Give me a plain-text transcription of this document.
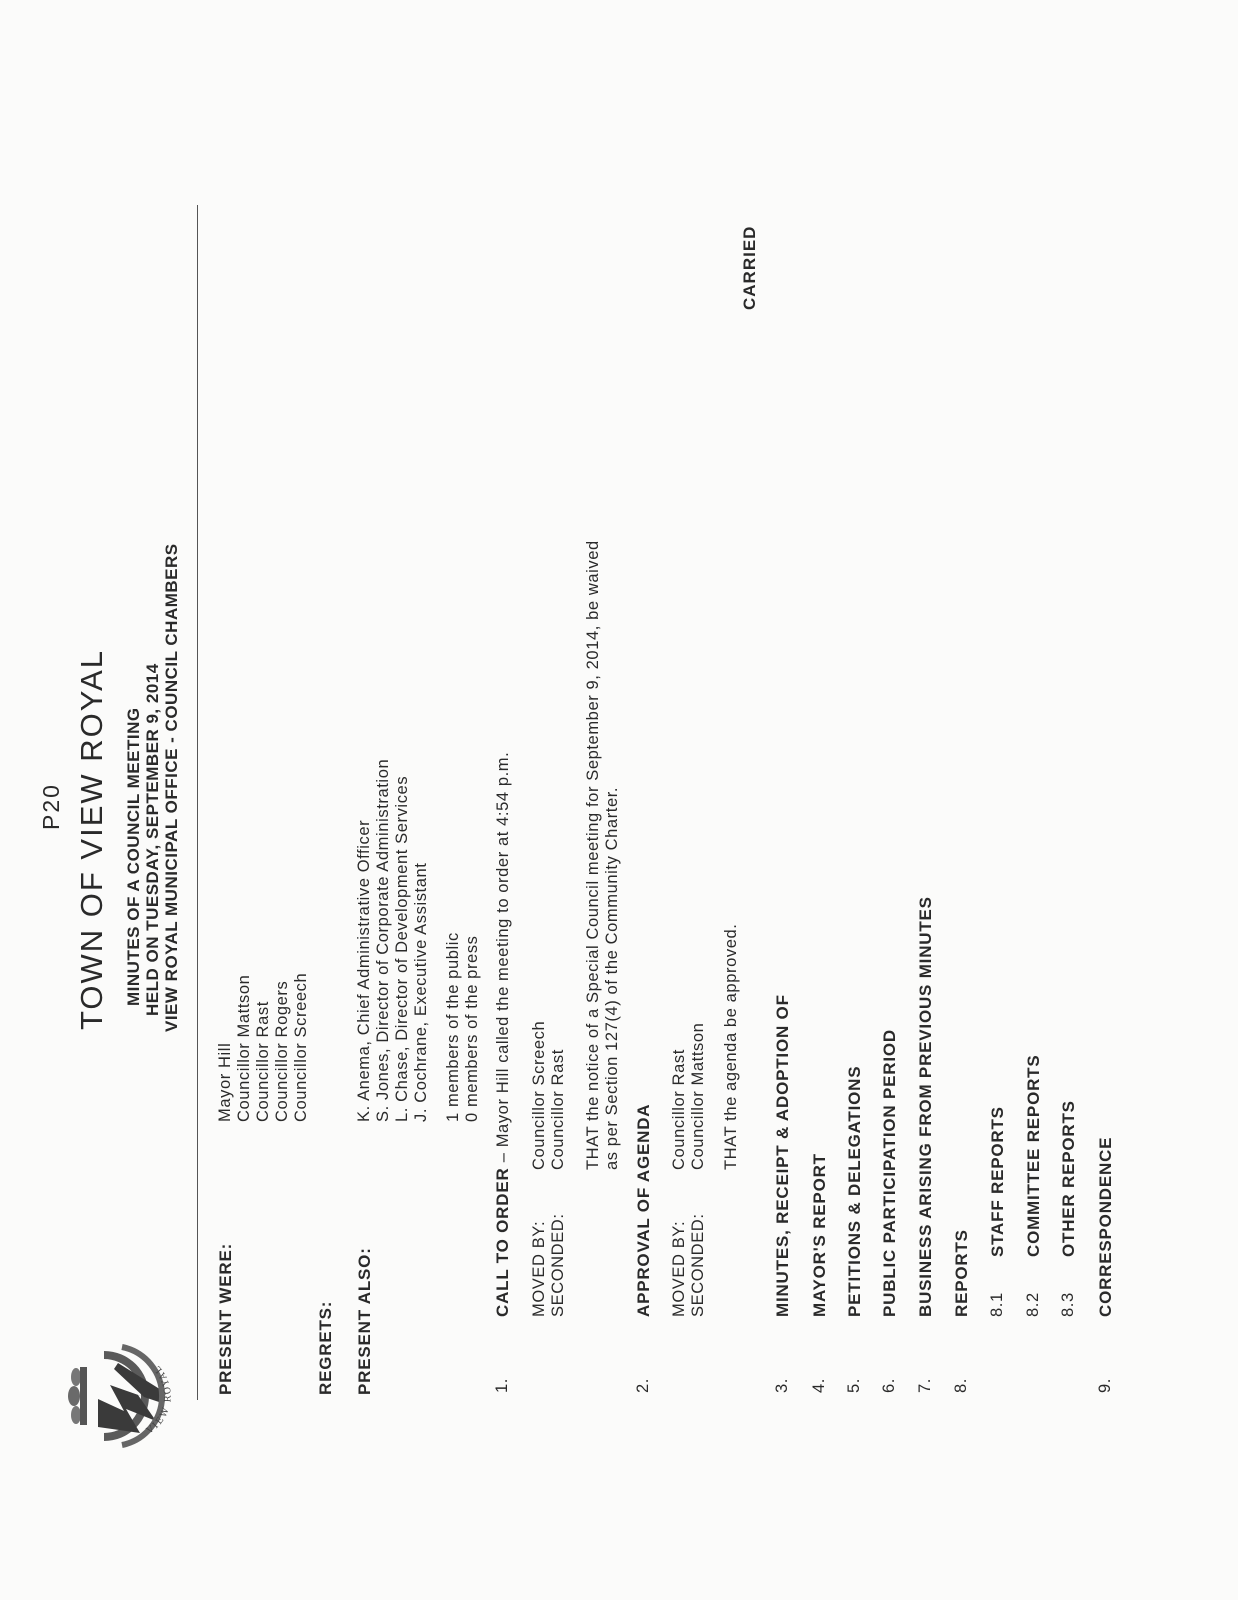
VIEW ROYAL
P20 TOWN OF VIEW ROYAL MINUTES OF A COUNCIL MEETING HELD ON TUESDAY, SEPTEMBER 9, 2014 VIEW ROYAL MUNICIPAL OFFICE - COUNCIL CHAMBERS
PRESENT WERE:
Mayor Hill Councillor Mattson Councillor Rast Councillor Rogers Councillor Screech
REGRETS: PRESENT ALSO:
K. Anema, Chief Administrative Officer S. Jones, Director of Corporate Administration L. Chase, Director of Development Services J. Cochrane, Executive Assistant 1 members of the public 0 members of the press
1.
CALL TO ORDER – Mayor Hill called the meeting to order at 4:54 p.m.
MOVED BY: SECONDED:
Councillor Screech Councillor Rast THAT the notice of a Special Council meeting for September 9, 2014, be waived as per Section 127(4) of the Community Charter.
2.
APPROVAL OF AGENDA MOVED BY: SECONDED:
Councillor Rast Councillor Mattson THAT the agenda be approved.
CARRIED
3.
MINUTES, RECEIPT & ADOPTION OF
4.
MAYOR'S REPORT
5.
PETITIONS & DELEGATIONS
6.
PUBLIC PARTICIPATION PERIOD
7.
BUSINESS ARISING FROM PREVIOUS MINUTES
8.
REPORTS 8.1
STAFF REPORTS
8.2
COMMITTEE REPORTS
8.3
OTHER REPORTS
9.
CORRESPONDENCE
